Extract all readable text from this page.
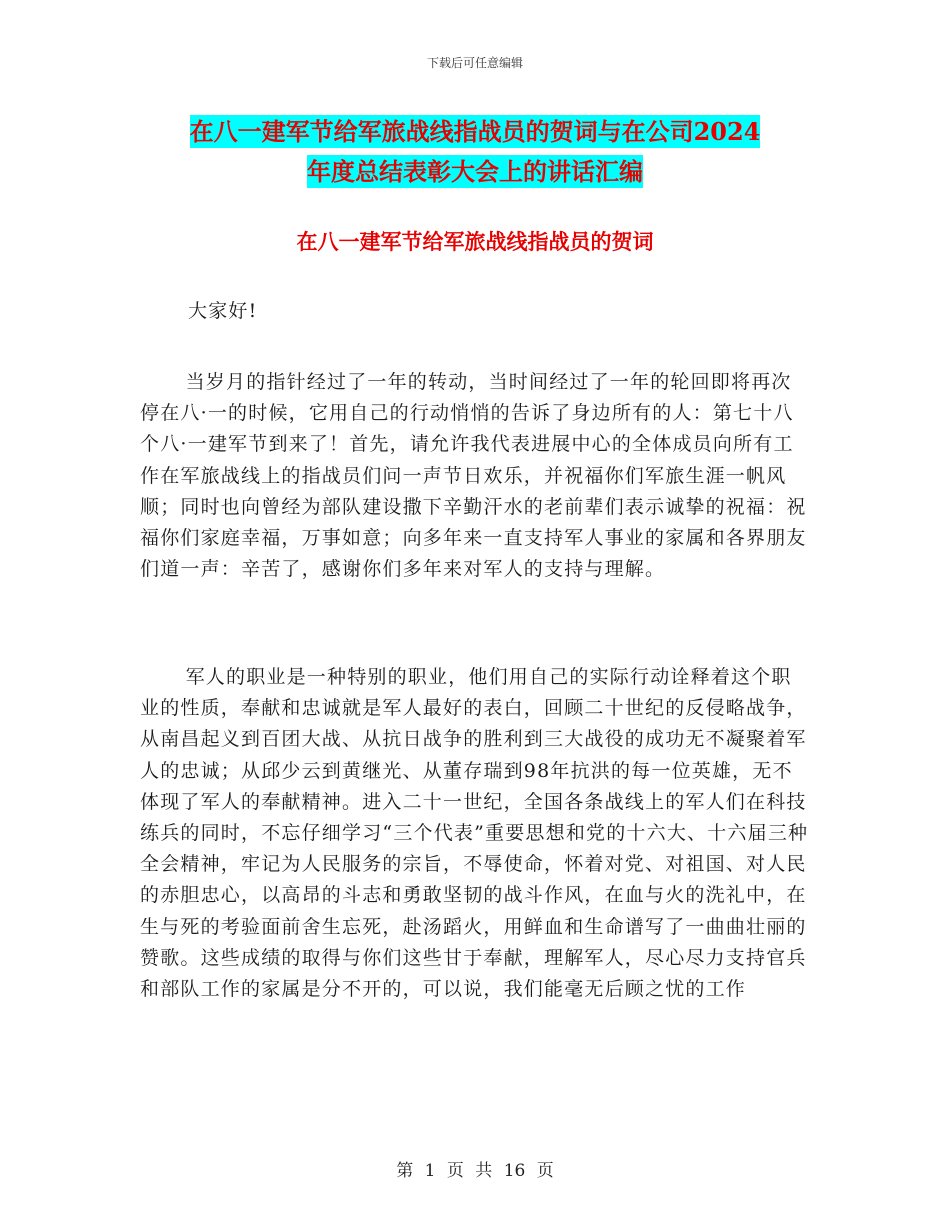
下载后可任意编辑
在八一建军节给军旅战线指战员的贺词与在公司2024
年度总结表彰大会上的讲话汇编
在八一建军节给军旅战线指战员的贺词
大家好!

当岁月的指针经过了一年的转动，当时间经过了一年的轮回即将再次停在八·一的时候，它用自己的行动悄悄的告诉了身边所有的人：第七十八个八·一建军节到来了！首先，请允许我代表进展中心的全体成员向所有工作在军旅战线上的指战员们问一声节日欢乐，并祝福你们军旅生涯一帆风顺；同时也向曾经为部队建设撒下辛勤汗水的老前辈们表示诚挚的祝福：祝福你们家庭幸福，万事如意；向多年来一直支持军人事业的家属和各界朋友们道一声：辛苦了，感谢你们多年来对军人的支持与理解。

军人的职业是一种特别的职业，他们用自己的实际行动诠释着这个职业的性质，奉献和忠诚就是军人最好的表白，回顾二十世纪的反侵略战争，从南昌起义到百团大战、从抗日战争的胜利到三大战役的成功无不凝聚着军人的忠诚；从邱少云到黄继光、从董存瑞到98年抗洪的每一位英雄，无不体现了军人的奉献精神。进入二十一世纪，全国各条战线上的军人们在科技练兵的同时，不忘仔细学习“三个代表”重要思想和党的十六大、十六届三种全会精神，牢记为人民服务的宗旨，不辱使命，怀着对党、对祖国、对人民的赤胆忠心，以高昂的斗志和勇敢坚韧的战斗作风，在血与火的洗礼中，在生与死的考验面前舍生忘死，赴汤蹈火，用鲜血和生命谱写了一曲曲壮丽的赞歌。这些成绩的取得与你们这些甘于奉献，理解军人，尽心尽力支持官兵和部队工作的家属是分不开的，可以说，我们能毫无后顾之忧的工作

第 1 页 共 16 页
